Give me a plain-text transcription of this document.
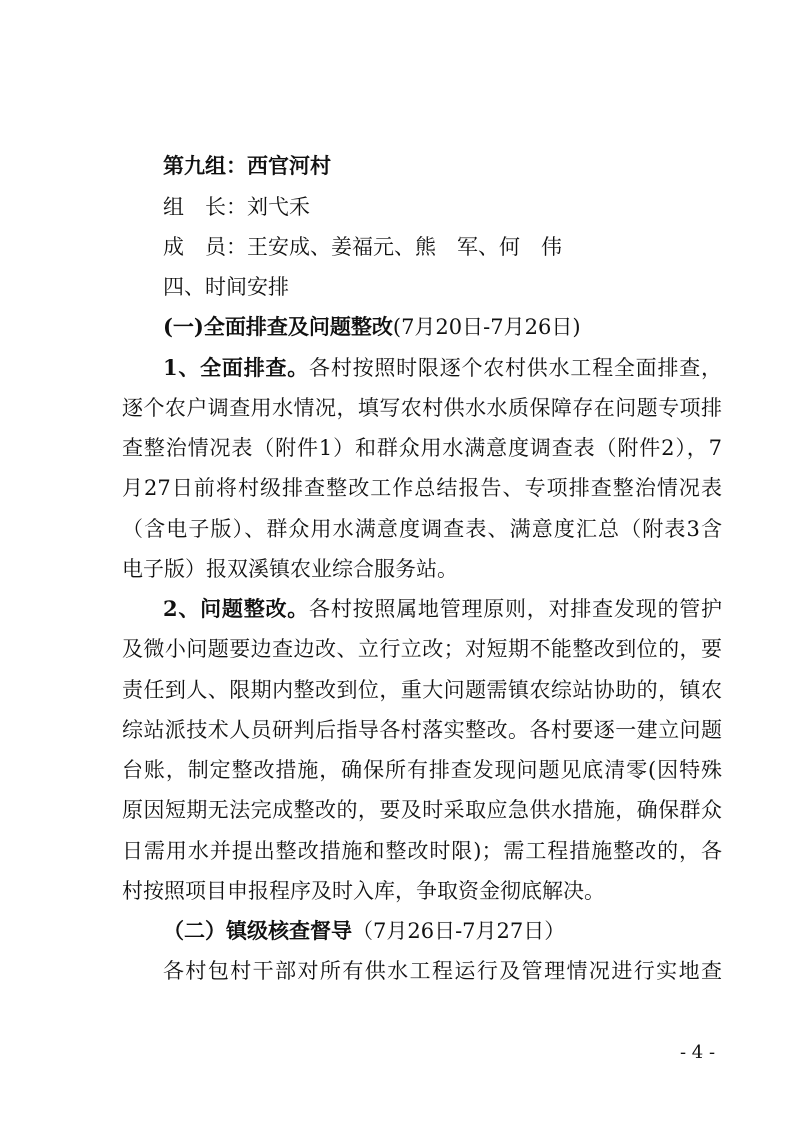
第九组：西官河村
组　长：刘弋禾
成　员：王安成、姜福元、熊　军、何　伟
四、时间安排
(一)全面排查及问题整改(7月20日-7月26日)
1、全面排查。各村按照时限逐个农村供水工程全面排查，
逐个农户调查用水情况，填写农村供水水质保障存在问题专项排
查整治情况表（附件1）和群众用水满意度调查表（附件2），7
月27日前将村级排查整改工作总结报告、专项排查整治情况表
（含电子版）、群众用水满意度调查表、满意度汇总（附表3含
电子版）报双溪镇农业综合服务站。
2、问题整改。各村按照属地管理原则，对排查发现的管护
及微小问题要边查边改、立行立改；对短期不能整改到位的，要
责任到人、限期内整改到位，重大问题需镇农综站协助的，镇农
综站派技术人员研判后指导各村落实整改。各村要逐一建立问题
台账，制定整改措施，确保所有排查发现问题见底清零(因特殊
原因短期无法完成整改的，要及时采取应急供水措施，确保群众
日需用水并提出整改措施和整改时限)；需工程措施整改的，各
村按照项目申报程序及时入库，争取资金彻底解决。
（二）镇级核查督导（7月26日-7月27日）
各村包村干部对所有供水工程运行及管理情况进行实地查
- 4 -
